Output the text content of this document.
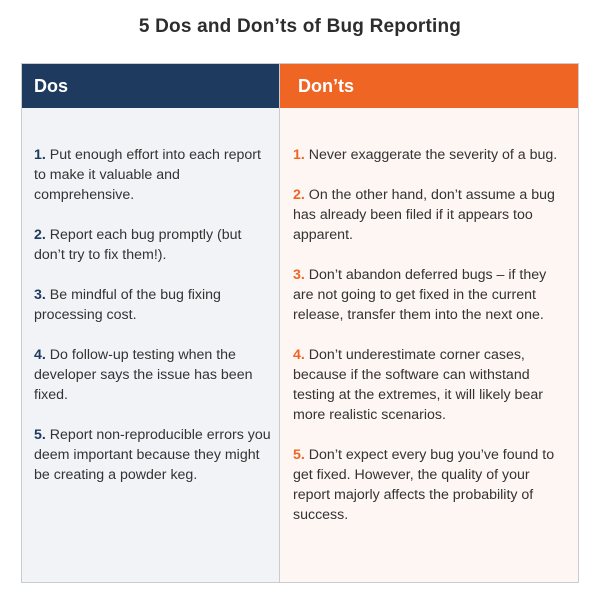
5 Dos and Don’ts of Bug Reporting
Dos
1. Put enough effort into each report to make it valuable and comprehensive.
2. Report each bug promptly (but don’t try to fix them!).
3. Be mindful of the bug fixing processing cost.
4. Do follow-up testing when the developer says the issue has been fixed.
5. Report non-reproducible errors you deem important because they might be creating a powder keg.
Don’ts
1. Never exaggerate the severity of a bug.
2. On the other hand, don’t assume a bug has already been filed if it appears too apparent.
3. Don’t abandon deferred bugs – if they are not going to get fixed in the current release, transfer them into the next one.
4. Don’t underestimate corner cases, because if the software can withstand testing at the extremes, it will likely bear more realistic scenarios.
5. Don’t expect every bug you’ve found to get fixed. However, the quality of your report majorly affects the probability of success.
